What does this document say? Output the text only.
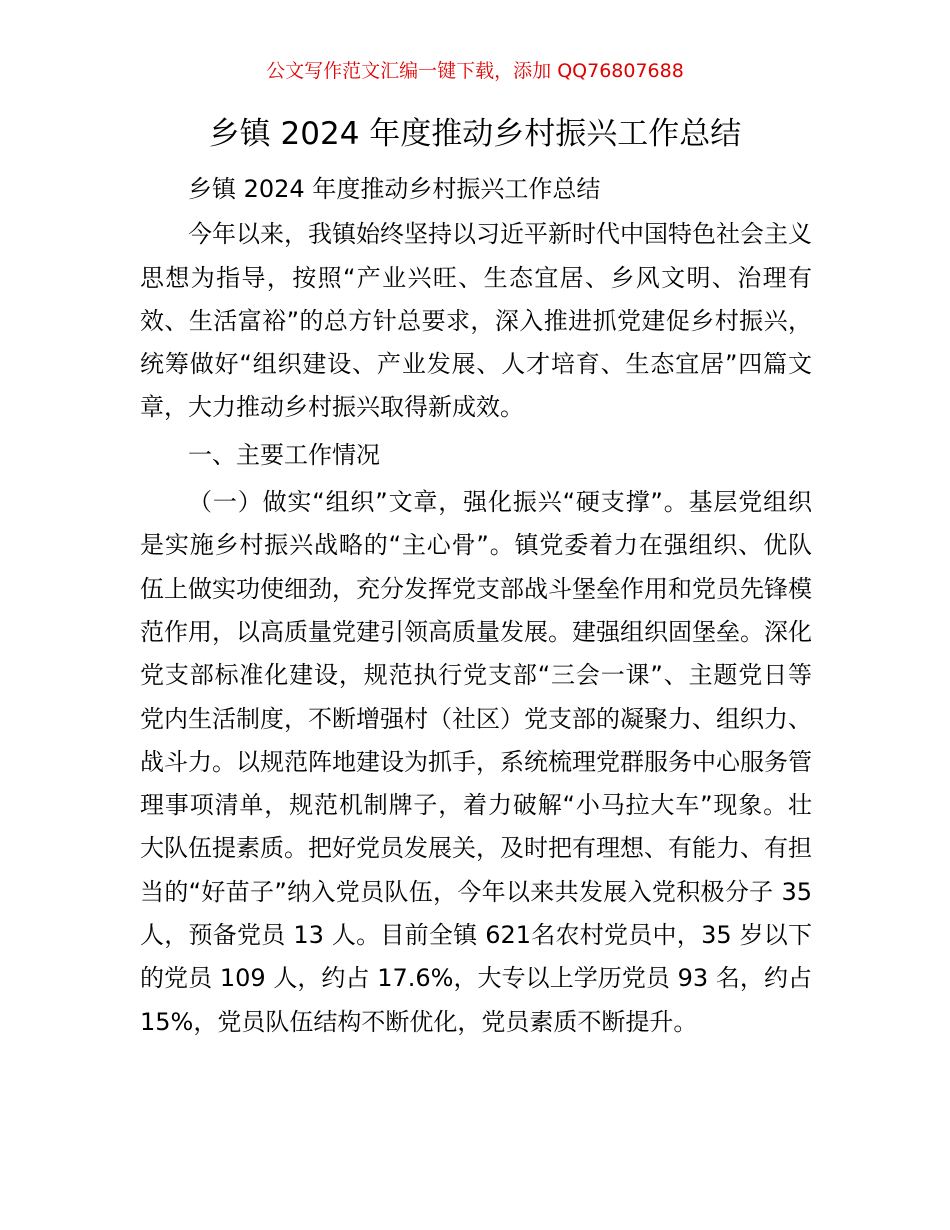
公文写作范文汇编一键下载，添加 QQ76807688
乡镇 2024 年度推动乡村振兴工作总结

乡镇 2024 年度推动乡村振兴工作总结

今年以来，我镇始终坚持以习近平新时代中国特色社会主义思想为指导，按照“产业兴旺、生态宜居、乡风文明、治理有效、生活富裕”的总方针总要求，深入推进抓党建促乡村振兴，统筹做好“组织建设、产业发展、人才培育、生态宜居”四篇文章，大力推动乡村振兴取得新成效。

一、主要工作情况

（一）做实“组织”文章，强化振兴“硬支撑”。基层党组织是实施乡村振兴战略的“主心骨”。镇党委着力在强组织、优队伍上做实功使细劲，充分发挥党支部战斗堡垒作用和党员先锋模范作用，以高质量党建引领高质量发展。建强组织固堡垒。深化党支部标准化建设，规范执行党支部“三会一课”、主题党日等党内生活制度，不断增强村（社区）党支部的凝聚力、组织力、战斗力。以规范阵地建设为抓手，系统梳理党群服务中心服务管理事项清单，规范机制牌子，着力破解“小马拉大车”现象。壮大队伍提素质。把好党员发展关，及时把有理想、有能力、有担当的“好苗子”纳入党员队伍，今年以来共发展入党积极分子 35 人，预备党员 13 人。目前全镇 621名农村党员中，35 岁以下的党员 109 人，约占 17.6%，大专以上学历党员 93 名，约占 15%，党员队伍结构不断优化，党员素质不断提升。
